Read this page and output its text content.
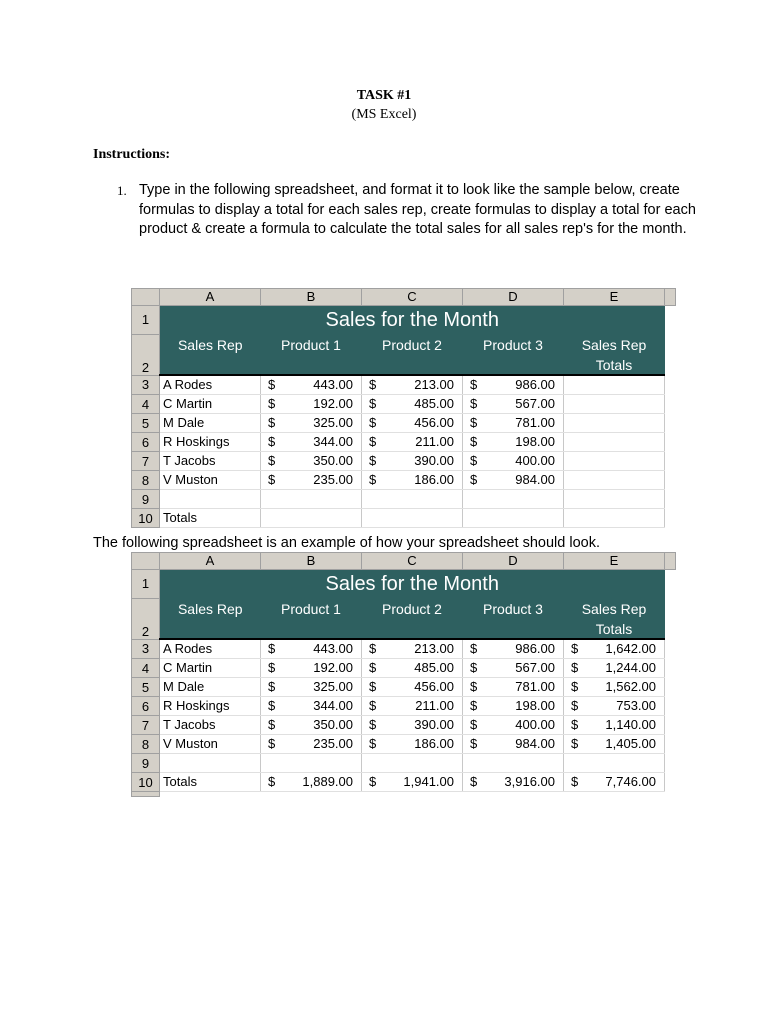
TASK #1
(MS Excel)
Instructions:
1. Type in the following spreadsheet, and format it to look like the sample below, create formulas to display a total for each sales rep, create formulas to display a total for each product & create a formula to calculate the total sales for all sales rep's for the month.
	A	B	C	D	E	
1	Sales for the Month					
2	Sales Rep	Product 1	Product 2	Product 3	Sales Rep	
					Totals	
3	A Rodes	$ 443.00	$ 213.00	$ 986.00		

4	C Martin	$ 192.00	$ 485.00	$ 567.00		

5	M Dale	$ 325.00	$ 456.00	$ 781.00		

6	R Hoskings	$ 344.00	$ 211.00	$ 198.00		

7	T Jacobs	$ 350.00	$ 390.00	$ 400.00		

8	V Muston	$ 235.00	$ 186.00	$ 984.00		

9						
10	Totals					
The following spreadsheet is an example of how your spreadsheet should look.
	A	B	C	D	E	
1	Sales for the Month					
2	Sales Rep	Product 1	Product 2	Product 3	Sales Rep	
					Totals	
3	A Rodes	$ 443.00	$ 213.00	$ 986.00	$ 1,642.00	

4	C Martin	$ 192.00	$ 485.00	$ 567.00	$ 1,244.00	

5	M Dale	$ 325.00	$ 456.00	$ 781.00	$ 1,562.00	

6	R Hoskings	$ 344.00	$ 211.00	$ 198.00	$ 753.00	

7	T Jacobs	$ 350.00	$ 390.00	$ 400.00	$ 1,140.00	

8	V Muston	$ 235.00	$ 186.00	$ 984.00	$ 1,405.00	

9						
10	Totals	$ 1,889.00	$ 1,941.00	$ 3,916.00	$ 7,746.00	
